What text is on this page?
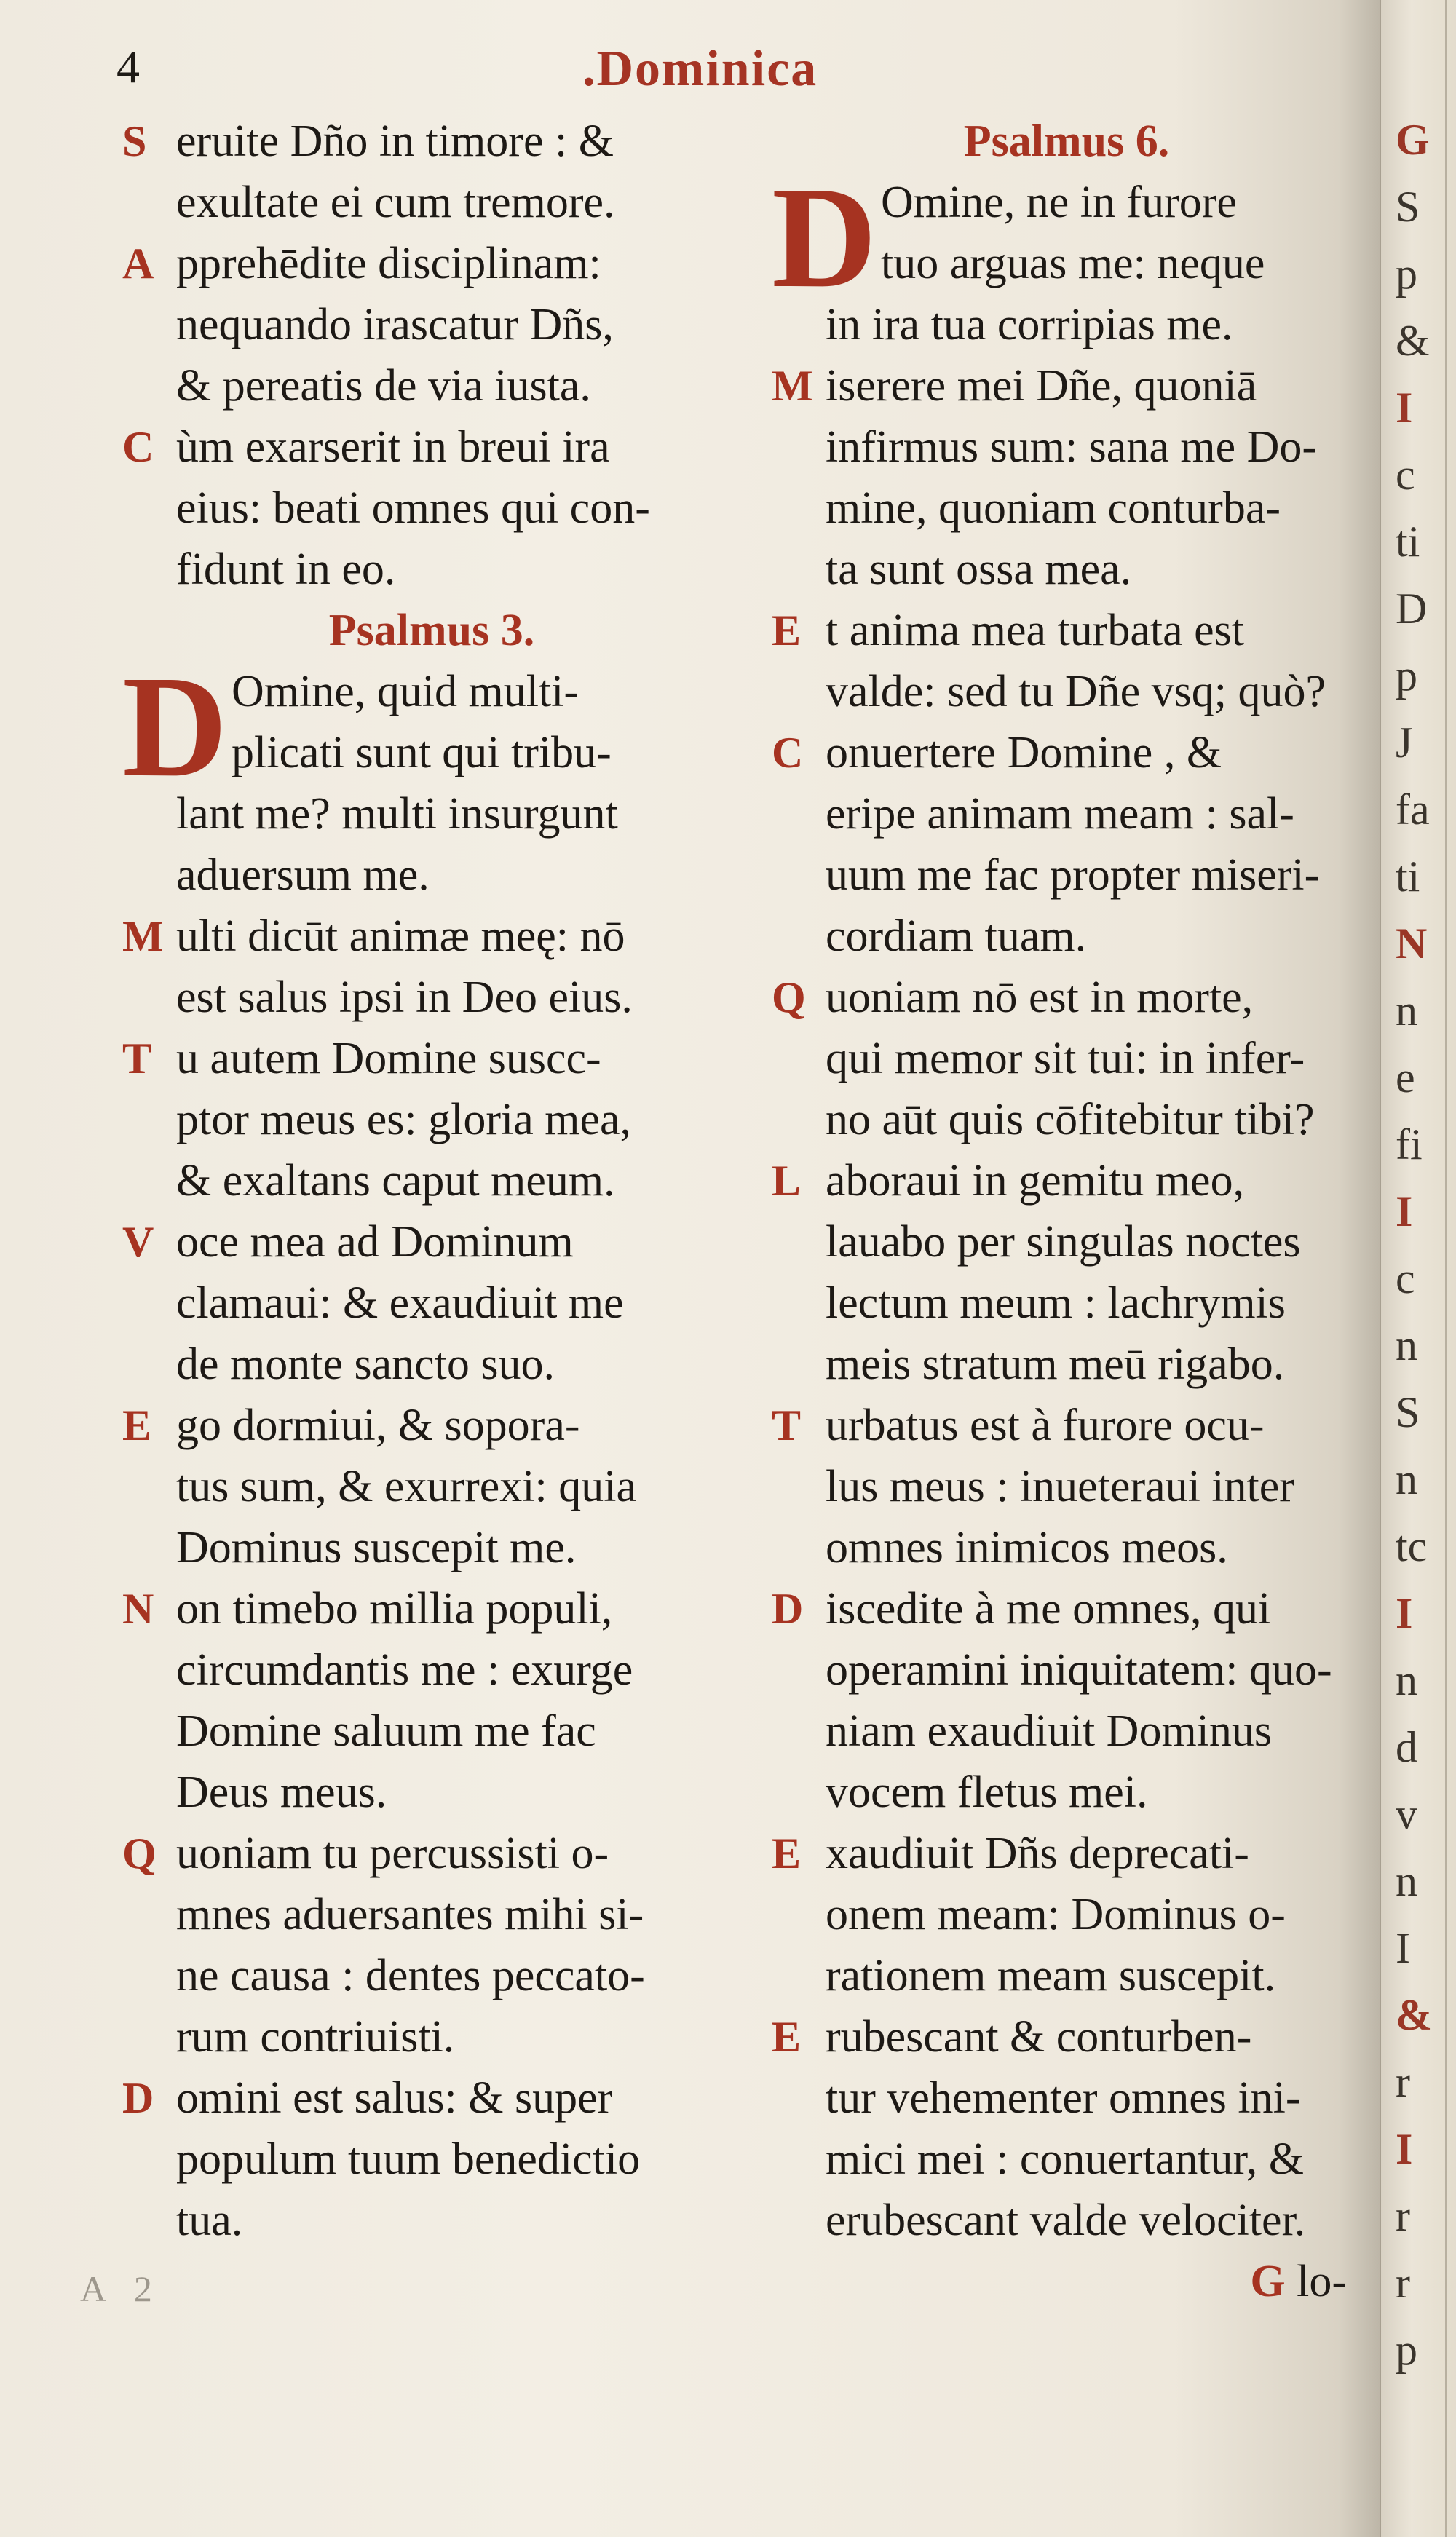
4	.Dominica
S eruite Dño in timore : &
exultate ei cum tremore.
A pprehēdite disciplinam:
nequando irascatur Dñs,
& pereatis de via iusta.
C ùm exarserit in breui ira
eius: beati omnes qui con-
fidunt in eo.
Psalmus 3.
D Omine, quid multi-
plicati sunt qui tribu-
lant me? multi insurgunt
aduersum me.
M ulti dicūt animæ meę: nō
est salus ipsi in Deo eius.
T u autem Domine suscc-
ptor meus es: gloria mea,
& exaltans caput meum.
V oce mea ad Dominum
clamaui: & exaudiuit me
de monte sancto suo.
E go dormiui, & sopora-
tus sum, & exurrexi: quia
Dominus suscepit me.
N on timebo millia populi,
circumdantis me : exurge
Domine saluum me fac
Deus meus.
Q uoniam tu percussisti o-
mnes aduersantes mihi si-
ne causa : dentes peccato-
rum contriuisti.
D omini est salus: & super
populum tuum benedictio
tua.
Psalmus 6.
D Omine, ne in furore
tuo arguas me: neque
in ira tua corripias me.
M iserere mei Dñe, quoniā
infirmus sum: sana me Do-
mine, quoniam conturba-
ta sunt ossa mea.
E t anima mea turbata est
valde: sed tu Dñe vsq; quò?
C onuertere Domine , &
eripe animam meam : sal-
uum me fac propter miseri-
cordiam tuam.
Q uoniam nō est in morte,
qui memor sit tui: in infer-
no aūt quis cōfitebitur tibi?
L aboraui in gemitu meo,
lauabo per singulas noctes
lectum meum : lachrymis
meis stratum meū rigabo.
T urbatus est à furore ocu-
lus meus : inueteraui inter
omnes inimicos meos.
D iscedite à me omnes, qui
operamini iniquitatem: quo-
niam exaudiuit Dominus
vocem fletus mei.
E xaudiuit Dñs deprecati-
onem meam: Dominus o-
rationem meam suscepit.
E rubescant & conturben-
tur vehementer omnes ini-
mici mei : conuertantur, &
erubescant valde velociter.
G lo-
A 2
G
S
p
&
I
c
ti
D
p
J
fa
ti
N
n
e
fi
I
c
n
S
n
tc
I
n
d
v
n
I
&
r
I
r
r
p
